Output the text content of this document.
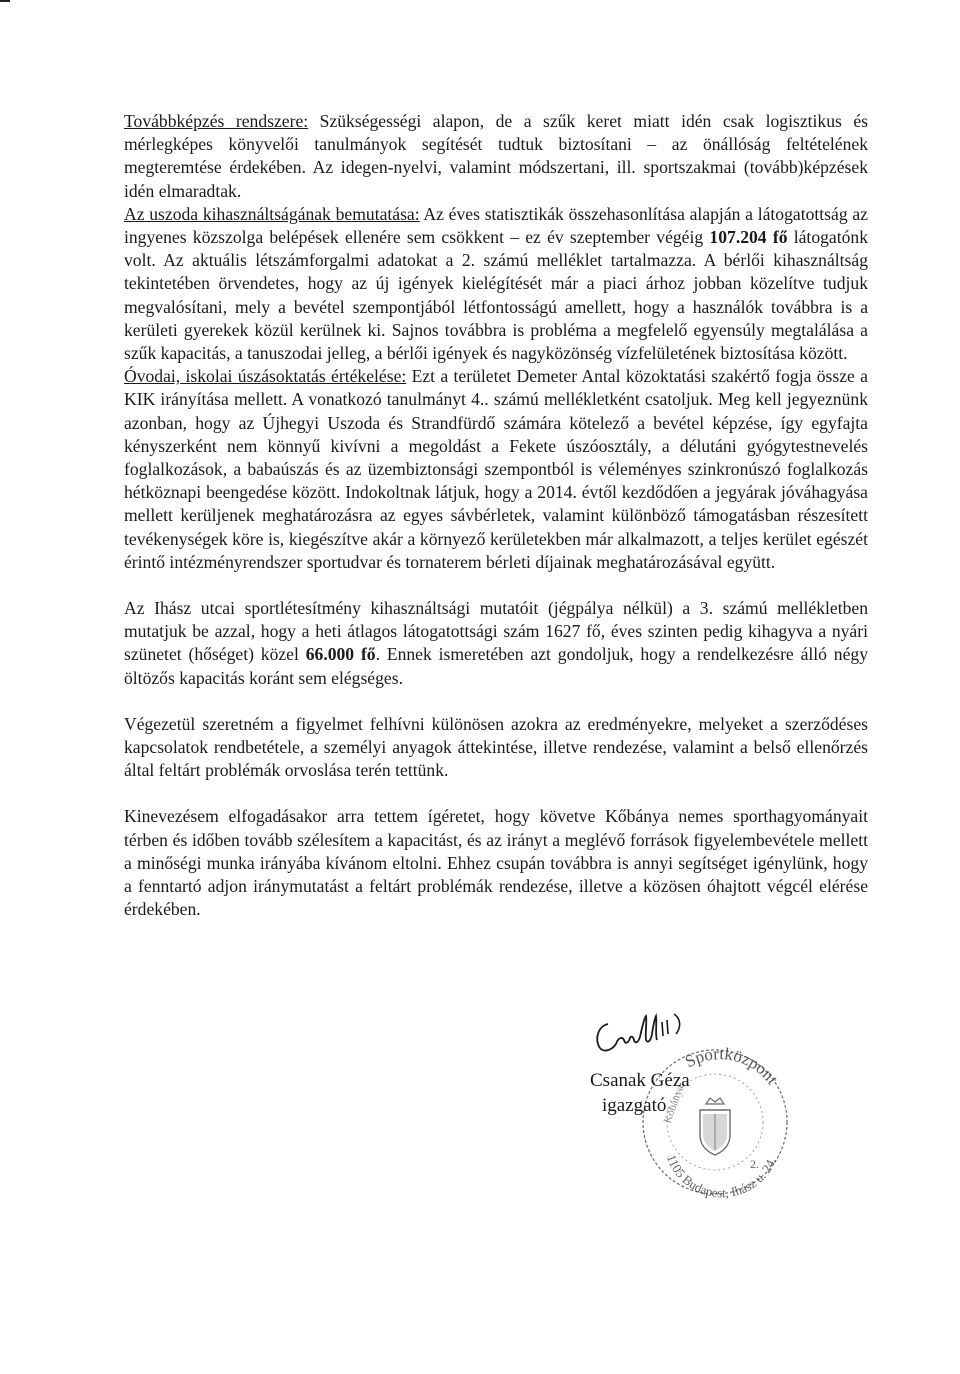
Továbbképzés rendszere: Szükségességi alapon, de a szűk keret miatt idén csak logisztikus és mérlegképes könyvelői tanulmányok segítését tudtuk biztosítani – az önállóság feltételének megteremtése érdekében. Az idegen-nyelvi, valamint módszertani, ill. sportszakmai (tovább)képzések idén elmaradtak.

Az uszoda kihasználtságának bemutatása: Az éves statisztikák összehasonlítása alapján a látogatottság az ingyenes közszolga belépések ellenére sem csökkent – ez év szeptember végéig 107.204 fő látogatónk volt. Az aktuális létszámforgalmi adatokat a 2. számú melléklet tartalmazza. A bérlői kihasználtság tekintetében örvendetes, hogy az új igények kielégítését már a piaci árhoz jobban közelítve tudjuk megvalósítani, mely a bevétel szempontjából létfontosságú amellett, hogy a használók továbbra is a kerületi gyerekek közül kerülnek ki. Sajnos továbbra is probléma a megfelelő egyensúly megtalálása a szűk kapacitás, a tanuszodai jelleg, a bérlői igények és nagyközönség vízfelületének biztosítása között.

Óvodai, iskolai úszásoktatás értékelése: Ezt a területet Demeter Antal közoktatási szakértő fogja össze a KIK irányítása mellett. A vonatkozó tanulmányt 4.. számú mellékletként csatoljuk. Meg kell jegyeznünk azonban, hogy az Újhegyi Uszoda és Strandfürdő számára kötelező a bevétel képzése, így egyfajta kényszerként nem könnyű kivívni a megoldást a Fekete úszóosztály, a délutáni gyógytestnevelés foglalkozások, a babaúszás és az üzembiztonsági szempontból is véleményes szinkronúszó foglalkozás hétköznapi beengedése között. Indokoltnak látjuk, hogy a 2014. évtől kezdődően a jegyárak jóváhagyása mellett kerüljenek meghatározásra az egyes sávbérletek, valamint különböző támogatásban részesített tevékenységek köre is, kiegészítve akár a környező kerületekben már alkalmazott, a teljes kerület egészét érintő intézményrendszer sportudvar és tornaterem bérleti díjainak meghatározásával együtt.

Az Ihász utcai sportlétesítmény kihasználtsági mutatóit (jégpálya nélkül) a 3. számú mellékletben mutatjuk be azzal, hogy a heti átlagos látogatottsági szám 1627 fő, éves szinten pedig kihagyva a nyári szünetet (hőséget) közel 66.000 fő. Ennek ismeretében azt gondoljuk, hogy a rendelkezésre álló négy öltözős kapacitás koránt sem elégséges.

Végezetül szeretném a figyelmet felhívni különösen azokra az eredményekre, melyeket a szerződéses kapcsolatok rendbetétele, a személyi anyagok áttekintése, illetve rendezése, valamint a belső ellenőrzés által feltárt problémák orvoslása terén tettünk.

Kinevezésem elfogadásakor arra tettem ígéretet, hogy követve Kőbánya nemes sporthagyományait térben és időben tovább szélesítem a kapacitást, és az irányt a meglévő források figyelembevétele mellett a minőségi munka irányába kívánom eltolni. Ehhez csupán továbbra is annyi segítséget igénylünk, hogy a fenntartó adjon iránymutatást a feltárt problémák rendezése, illetve a közösen óhajtott végcél elérése érdekében.

Sportközpont
1105 Budapest, Ihász u. 24.
Kőbánya
2.
Csanak Géza
igazgató
